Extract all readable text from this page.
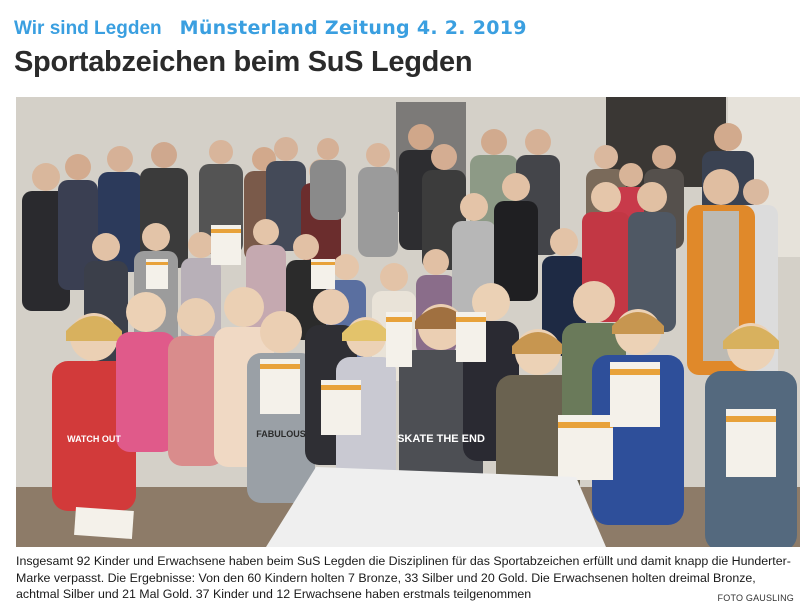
Wir sind Legden Münsterland Zeitung 4. 2. 2019
Sportabzeichen beim SuS Legden
WATCH OUT	FABULOUS	SKATE THE END

Insgesamt 92 Kinder und Erwachsene haben beim SuS Legden die Disziplinen für das Sportabzeichen erfüllt und damit knapp die Hunderter-Marke verpasst. Die Ergebnisse: Von den 60 Kindern holten 7 Bronze, 33 Silber und 20 Gold. Die Erwachsenen holten dreimal Bronze, achtmal Silber und 21 Mal Gold. 37 Kinder und 12 Erwachsene haben erstmals teilgenommen	FOTO GAUSLING
